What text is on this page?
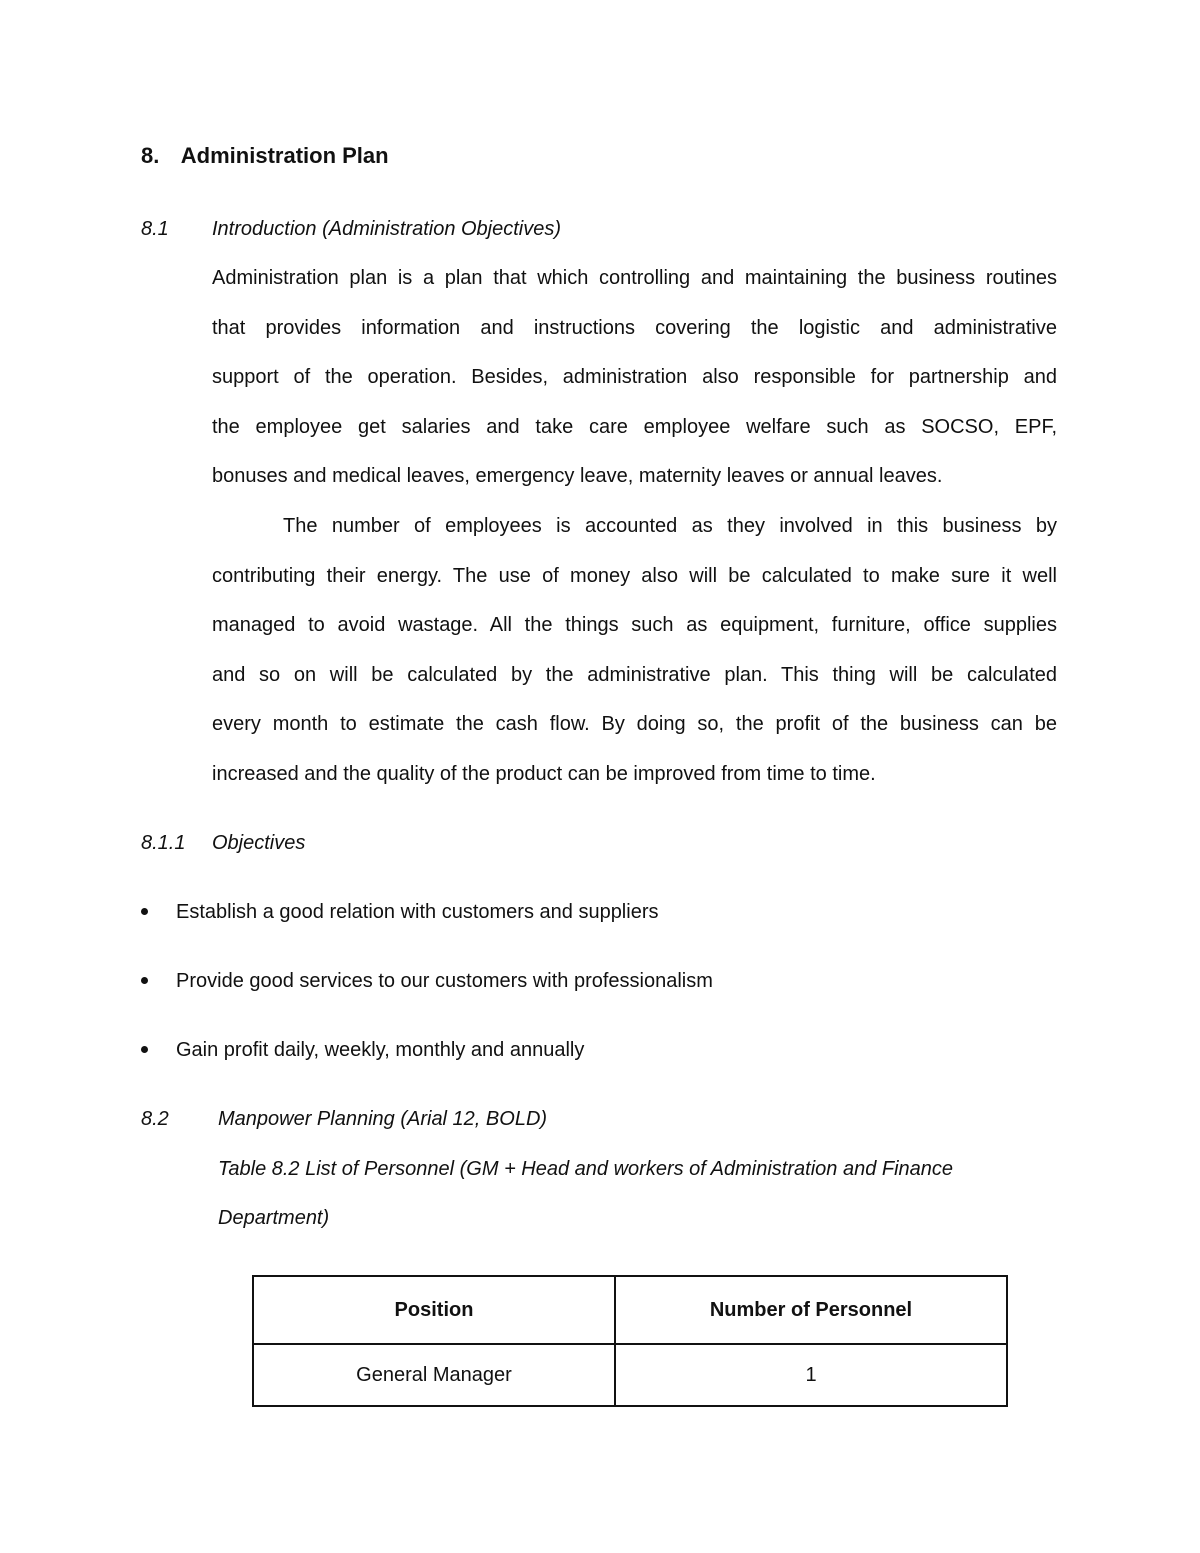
8. Administration Plan
8.1 Introduction (Administration Objectives)
Administration plan is a plan that which controlling and maintaining the business routines
that provides information and instructions covering the logistic and administrative
support of the operation. Besides, administration also responsible for partnership and
the employee get salaries and take care employee welfare such as SOCSO, EPF,
bonuses and medical leaves, emergency leave, maternity leaves or annual leaves.
The number of employees is accounted as they involved in this business by
contributing their energy. The use of money also will be calculated to make sure it well
managed to avoid wastage. All the things such as equipment, furniture, office supplies
and so on will be calculated by the administrative plan. This thing will be calculated
every month to estimate the cash flow. By doing so, the profit of the business can be
increased and the quality of the product can be improved from time to time.
8.1.1 Objectives
Establish a good relation with customers and suppliers
Provide good services to our customers with professionalism
Gain profit daily, weekly, monthly and annually
8.2 Manpower Planning (Arial 12, BOLD)
Table 8.2 List of Personnel (GM + Head and workers of Administration and Finance
Department)
Position	Number of Personnel
General Manager	1
